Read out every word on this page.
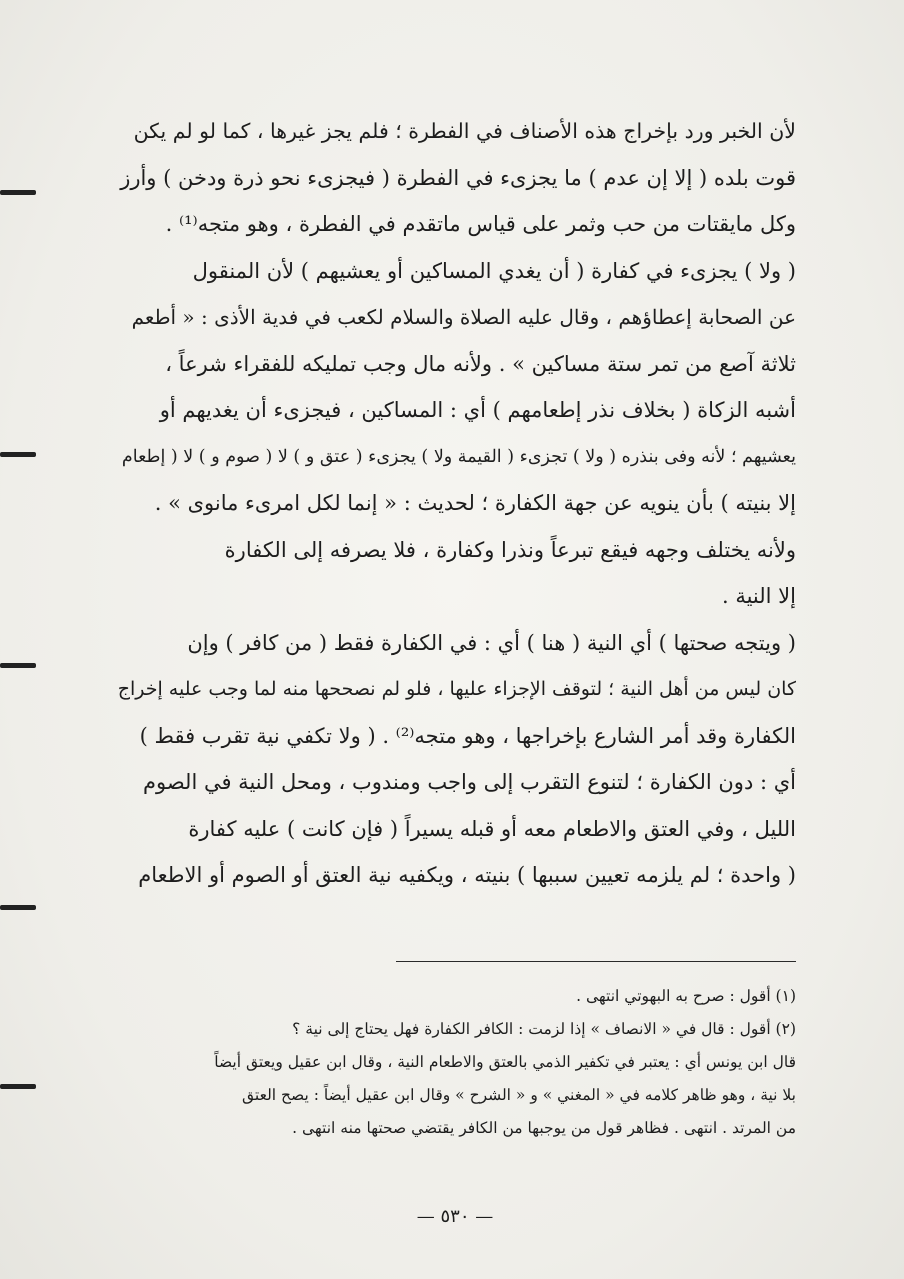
لأن الخبر ورد بإخراج هذه الأصناف في الفطرة ؛ فلم يجز غيرها ، كما لو لم يكن
قوت بلده ( إلا إن عدم ) ما يجزىء في الفطرة ( فيجزىء نحو ذرة ودخن ) وأرز
وكل مايقتات من حب وثمر على قياس ماتقدم في الفطرة ، وهو متجه⁽¹⁾ .
( ولا ) يجزىء في كفارة ( أن يغدي المساكين أو يعشيهم ) لأن المنقول
عن الصحابة إعطاؤهم ، وقال عليه الصلاة والسلام لكعب في فدية الأذى : « أطعم
ثلاثة آصع من تمر ستة مساكين » . ولأنه مال وجب تمليكه للفقراء شرعاً ،
أشبه الزكاة ( بخلاف نذر إطعامهم ) أي : المساكين ، فيجزىء أن يغديهم أو
يعشيهم ؛ لأنه وفى بنذره ( ولا ) تجزىء ( القيمة ولا ) يجزىء ( عتق و ) لا ( صوم و ) لا ( إطعام
إلا بنيته ) بأن ينويه عن جهة الكفارة ؛ لحديث : « إنما لكل امرىء مانوى » .
ولأنه يختلف وجهه فيقع تبرعاً ونذرا وكفارة ، فلا يصرفه إلى الكفارة
إلا النية .
( ويتجه صحتها ) أي النية ( هنا ) أي : في الكفارة فقط ( من كافر ) وإن
كان ليس من أهل النية ؛ لتوقف الإجزاء عليها ، فلو لم نصححها منه لما وجب عليه إخراج
الكفارة وقد أمر الشارع بإخراجها ، وهو متجه⁽²⁾ . ( ولا تكفي نية تقرب فقط )
أي : دون الكفارة ؛ لتنوع التقرب إلى واجب ومندوب ، ومحل النية في الصوم
الليل ، وفي العتق والاطعام معه أو قبله يسيراً ( فإن كانت ) عليه كفارة
( واحدة ؛ لم يلزمه تعيين سببها ) بنيته ، ويكفيه نية العتق أو الصوم أو الاطعام
(١) أقول : صرح به البهوتي انتهى .
(٢) أقول : قال في « الانصاف » إذا لزمت : الكافر الكفارة فهل يحتاج إلى نية ؟
قال ابن يونس أي : يعتبر في تكفير الذمي بالعتق والاطعام النية ، وقال ابن عقيل ويعتق أيضاً
بلا نية ، وهو ظاهر كلامه في « المغني » و « الشرح » وقال ابن عقيل أيضاً : يصح العتق
من المرتد . انتهى . فظاهر قول من يوجبها من الكافر يقتضي صحتها منه انتهى .
— ٥٣٠ —
